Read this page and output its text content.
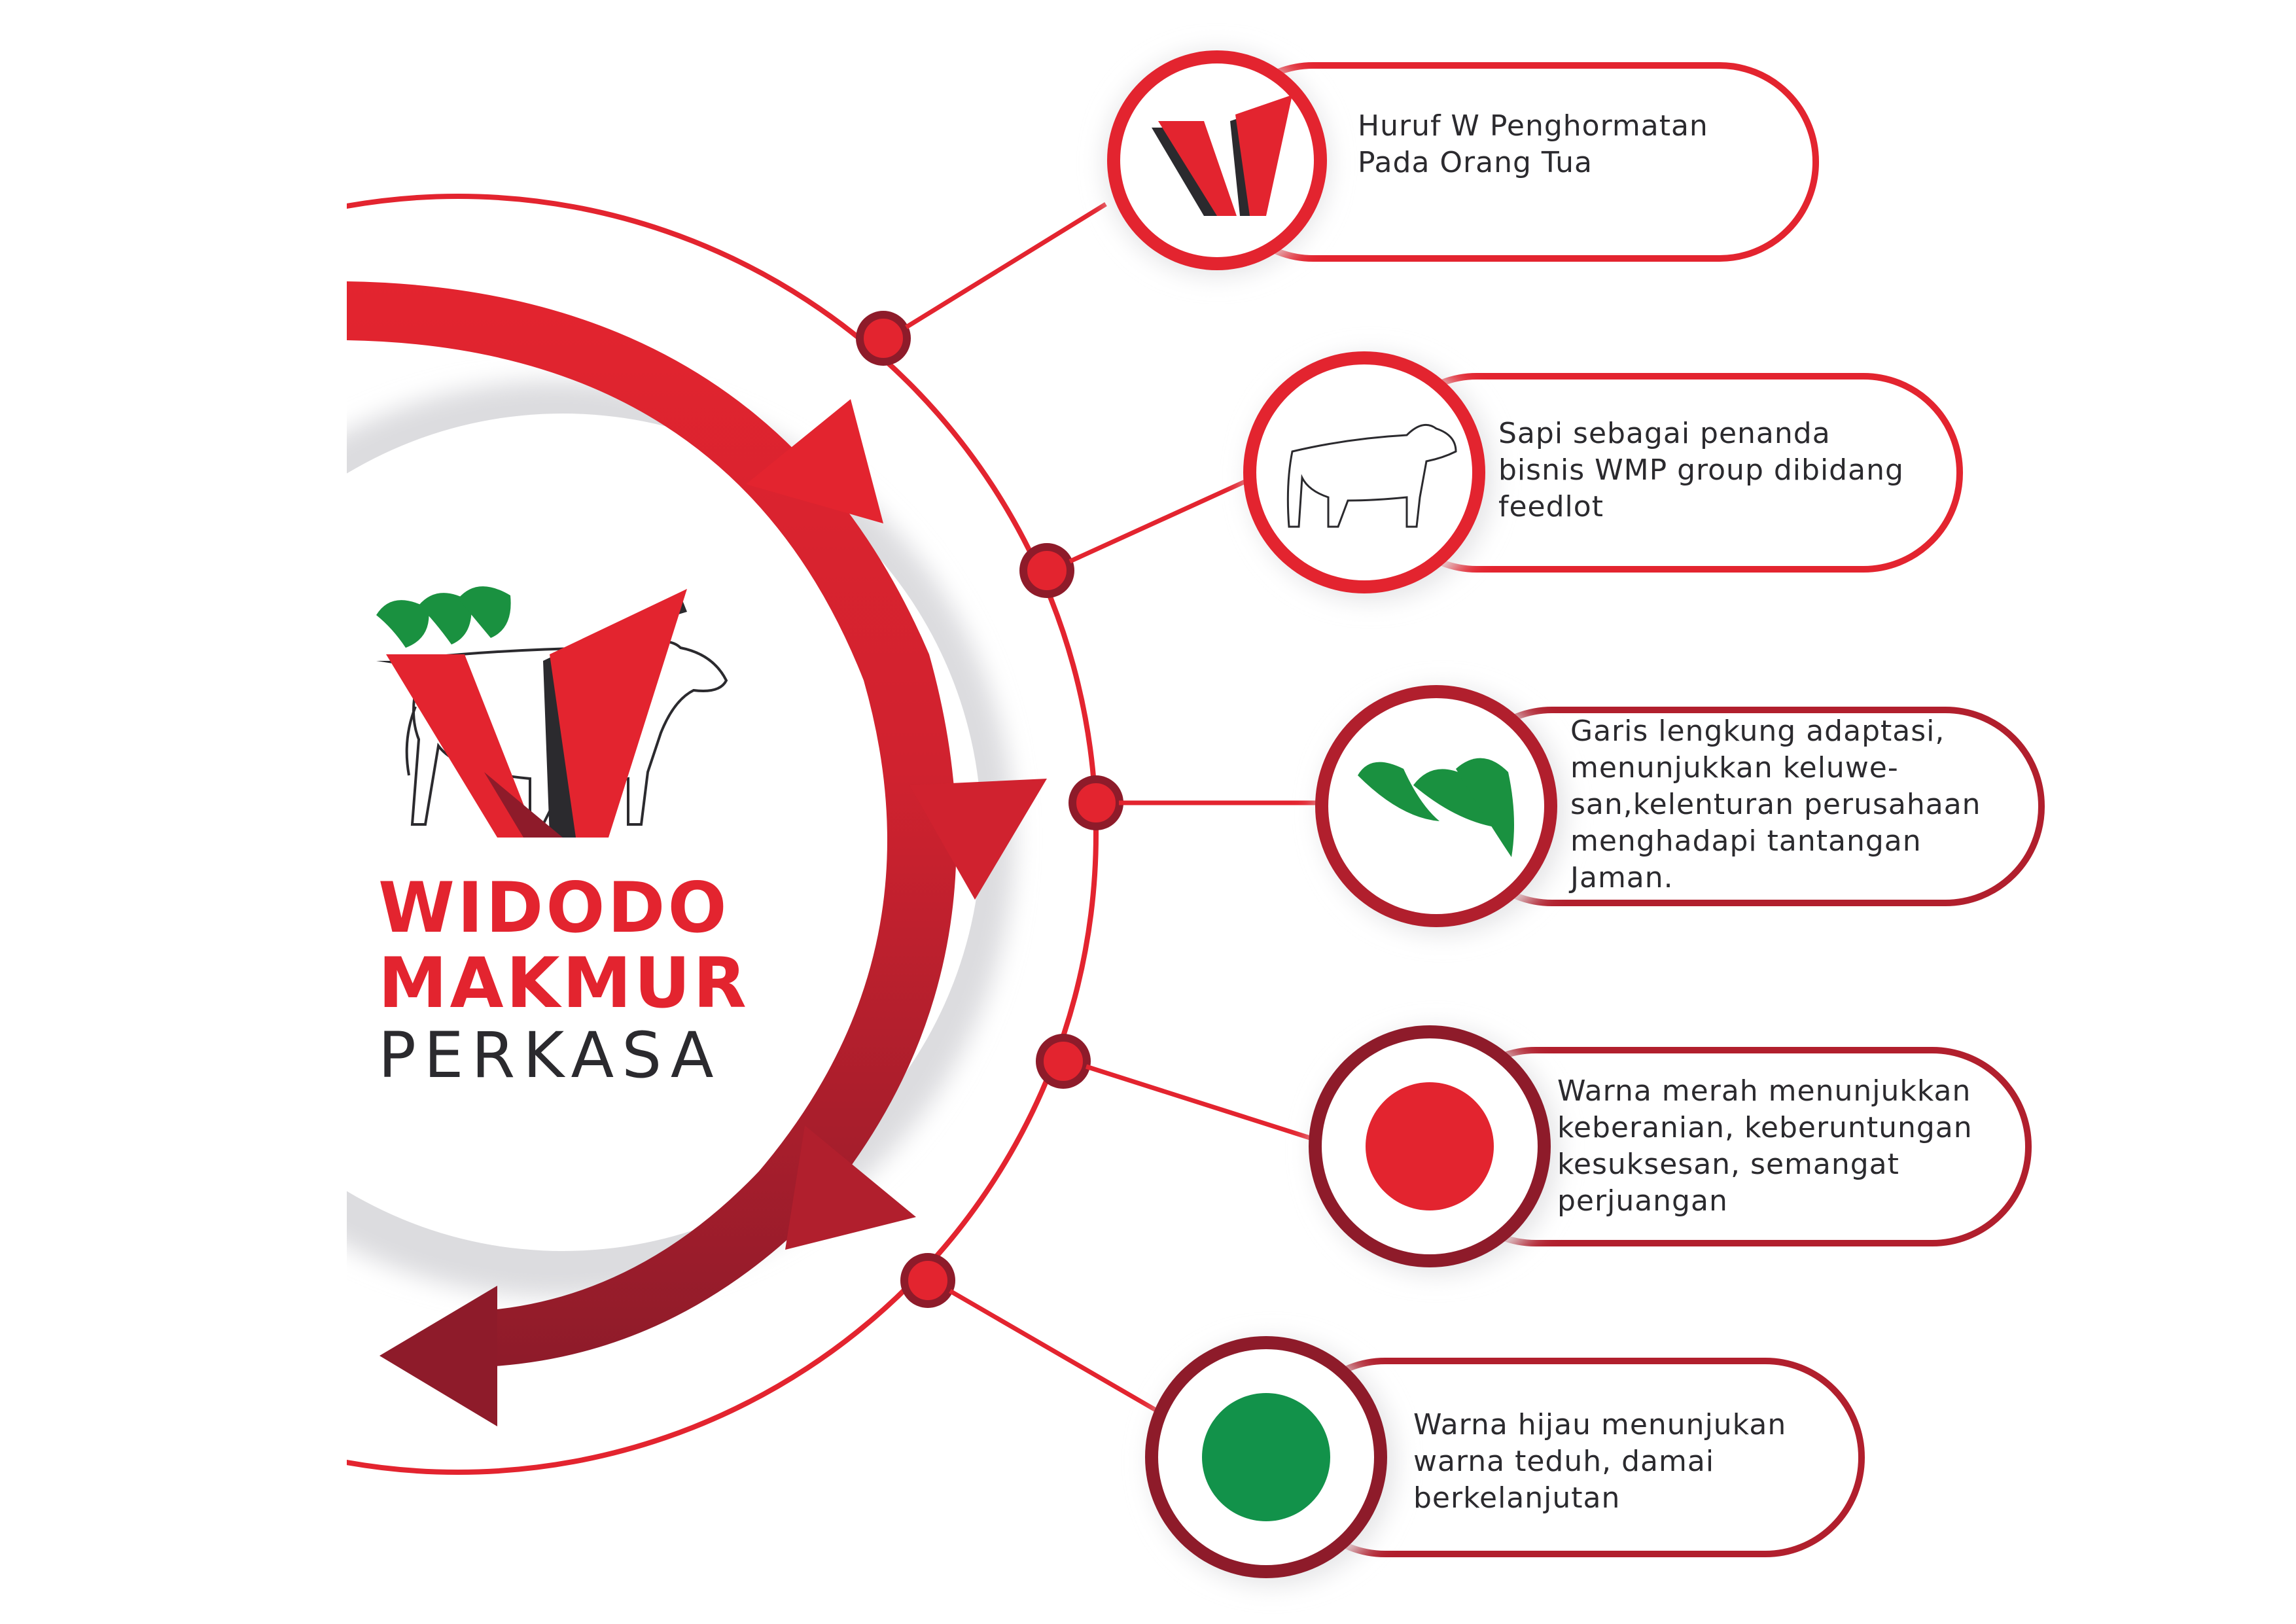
WIDODO
MAKMUR
PERKASA
Huruf W Penghormatan
Pada Orang Tua
Sapi sebagai penanda
bisnis WMP group dibidang
feedlot
Garis lengkung adaptasi,
menunjukkan keluwe-
san,kelenturan perusahaan
menghadapi tantangan
Jaman.
Warna merah menunjukkan
keberanian, keberuntungan
kesuksesan, semangat
perjuangan
Warna hijau menunjukan
warna teduh, damai
berkelanjutan
